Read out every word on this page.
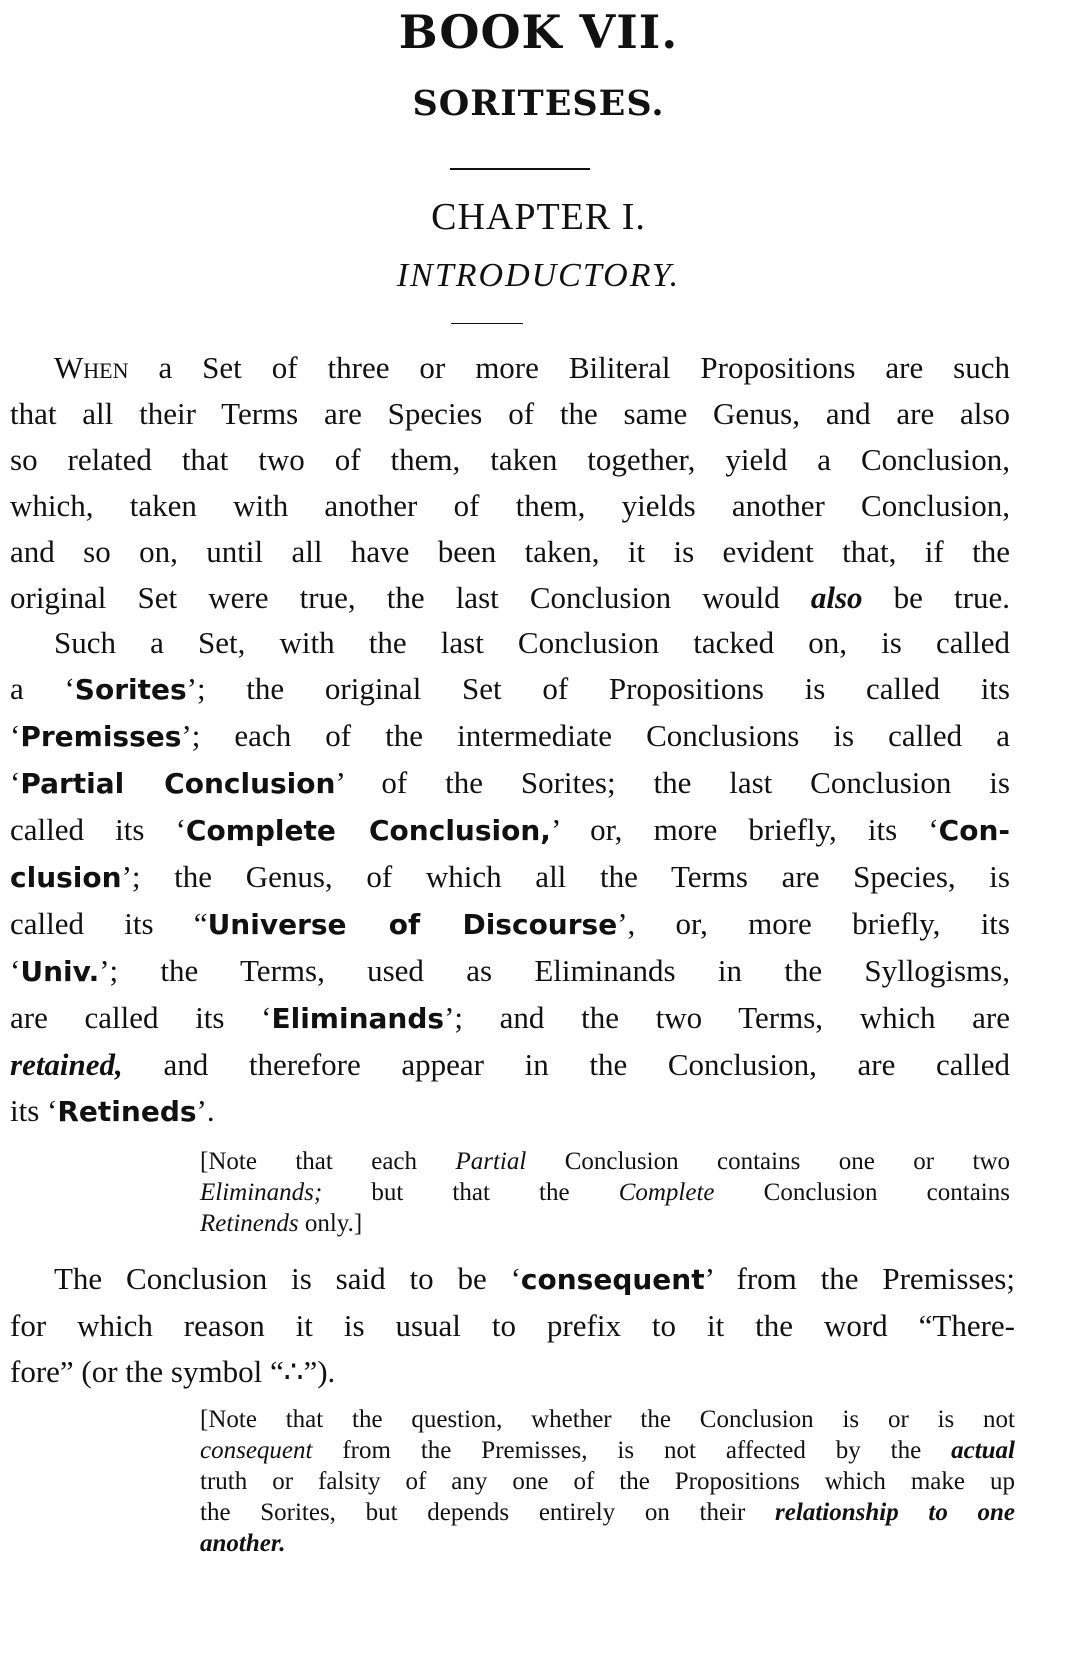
BOOK VII.
SORITESES.
CHAPTER I.
INTRODUCTORY.
When a Set of three or more Biliteral Propositions are such
that all their Terms are Species of the same Genus, and are also
so related that two of them, taken together, yield a Conclusion,
which, taken with another of them, yields another Conclusion,
and so on, until all have been taken, it is evident that, if the
original Set were true, the last Conclusion would also be true.
Such a Set, with the last Conclusion tacked on, is called
a ‘Sorites’; the original Set of Propositions is called its
‘Premisses’; each of the intermediate Conclusions is called a
‘Partial Conclusion’ of the Sorites; the last Conclusion is
called its ‘Complete Conclusion,’ or, more briefly, its ‘Con-
clusion’; the Genus, of which all the Terms are Species, is
called its “Universe of Discourse’, or, more briefly, its
‘Univ.’; the Terms, used as Eliminands in the Syllogisms,
are called its ‘Eliminands’; and the two Terms, which are
retained, and therefore appear in the Conclusion, are called
its ‘Retineds’.
[Note that each Partial Conclusion contains one or two
Eliminands; but that the Complete Conclusion contains
Retinends only.]
The Conclusion is said to be ‘consequent’ from the Premisses;
for which reason it is usual to prefix to it the word “There-
fore” (or the symbol “∴”).
[Note that the question, whether the Conclusion is or is not
consequent from the Premisses, is not affected by the actual
truth or falsity of any one of the Propositions which make up
the Sorites, but depends entirely on their relationship to one
another.
